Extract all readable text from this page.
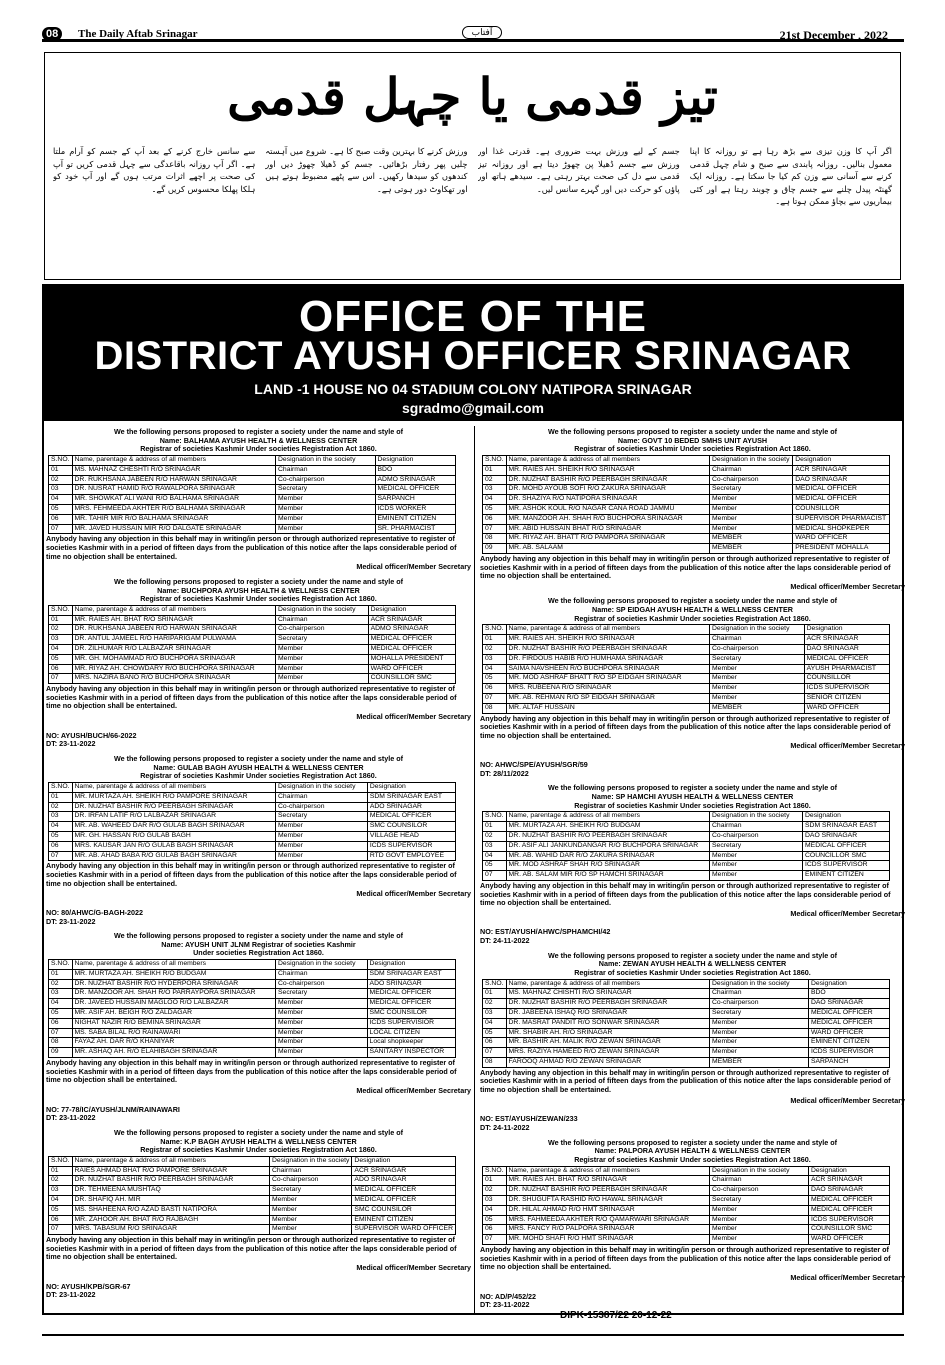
08	The Daily Aftab Srinagar	آفتاب	21st December , 2022
تیز قدمی یا چہل قدمی
اگر آپ کا وزن تیزی سے بڑھ رہا ہے تو روزانہ کا اپنا معمول بنالیں۔ روزانہ پابندی سے صبح و شام چہل قدمی کرنے سے آسانی سے وزن کم کیا جا سکتا ہے۔ روزانہ ایک گھنٹہ پیدل چلنے سے جسم چاق و چوبند رہتا ہے اور کئی بیماریوں سے بچاؤ ممکن ہوتا ہے۔
جسم کے لیے ورزش بہت ضروری ہے۔ قدرتی غذا اور ورزش سے جسم ڈھیلا پن چھوڑ دیتا ہے اور روزانہ تیز قدمی سے دل کی صحت بہتر رہتی ہے۔ سیدھے ہاتھ اور پاؤں کو حرکت دیں اور گہرے سانس لیں۔
ورزش کرنے کا بہترین وقت صبح کا ہے۔ شروع میں آہستہ چلیں پھر رفتار بڑھائیں۔ جسم کو ڈھیلا چھوڑ دیں اور کندھوں کو سیدھا رکھیں۔ اس سے پٹھے مضبوط ہوتے ہیں اور تھکاوٹ دور ہوتی ہے۔
سے سانس خارج کرنے کے بعد آپ کے جسم کو آرام ملتا ہے۔ اگر آپ روزانہ باقاعدگی سے چہل قدمی کریں تو آپ کی صحت پر اچھے اثرات مرتب ہوں گے اور آپ خود کو ہلکا پھلکا محسوس کریں گے۔
OFFICE OF THE
DISTRICT AYUSH OFFICER SRINAGAR
LAND -1 HOUSE NO 04 STADIUM COLONY NATIPORA SRINAGAR
sgradmo@gmail.com
We the following persons proposed to register a society under the name and style of
Name: BALHAMA AYUSH HEALTH & WELLNESS CENTER
Registrar of societies Kashmir Under societies Registration Act 1860.
S.NO.	Name, parentage & address of all members	Designation in the society	Designation
01	MS. MAHNAZ CHESHTI R/O SRINAGAR	Chairman	BDO
02	DR. RUKHSANA JABEEN R/O HARWAN SRINAGAR	Co-chairperson	ADMO SRINAGAR
03	DR. NUSRAT HAMID R/O RAWALPORA SRINAGAR	Secretary	MEDICAL OFFICER
04	MR. SHOWKAT ALI WANI R/O BALHAMA SRINAGAR	Member	SARPANCH
05	MRS. FEHMEEDA AKHTER R/O BALHAMA SRINAGAR	Member	ICDS WORKER
06	MR. TAHIR MIR R/O BALHAMA SRINAGAR	Member	EMINENT CITIZEN
07	MR. JAVED HUSSAIN MIR R/O DALGATE SRINAGAR	Member	SR. PHARMACIST
Anybody having any objection in this behalf may in writing/in person or through authorized representative to register of societies Kashmir with in a period of fifteen days from the publication of this notice after the laps considerable period of time no objection shall be entertained.
Medical officer/Member Secretary
We the following persons proposed to register a society under the name and style of
Name: BUCHPORA AYUSH HEALTH & WELLNESS CENTER
Registrar of societies Kashmir Under societies Registration Act 1860.
S.NO.	Name, parentage & address of all members	Designation in the society	Designation
01	MR. RAIES AH. BHAT R/O SRINAGAR	Chairman	ACR SRINAGAR
02	DR. RUKHSANA JABEEN R/O HARWAN SRINAGAR	Co-chairperson	ADMO SRINAGAR
03	DR. ANTUL JAMEEL R/O HARIPARIGAM PULWAMA	Secretary	MEDICAL OFFICER
04	DR. ZILHUMAR R/O LALBAZAR SRINAGAR	Member	MEDICAL OFFICER
05	MR. GH. MOHAMMAD R/O BUCHPORA SRINAGAR	Member	MOHALLA PRESIDENT
06	MR. RIYAZ AH. CHOWDARY R/O BUCHPORA SRINAGAR	Member	WARD OFFICER
07	MRS. NAZIRA BANO R/O BUCHPORA SRINAGAR	Member	COUNSILLOR SMC
Anybody having any objection in this behalf may in writing/in person or through authorized representative to register of societies Kashmir with in a period of fifteen days from the publication of this notice after the laps considerable period of time no objection shall be entertained.
Medical officer/Member Secretary
NO: AYUSH/BUCH/66-2022
DT: 23-11-2022
We the following persons proposed to register a society under the name and style of
Name: GULAB BAGH AYUSH HEALTH & WELLNESS CENTER
Registrar of societies Kashmir Under societies Registration Act 1860.
S.NO.	Name, parentage & address of all members	Designation in the society	Designation
01	MR. MURTAZA AH. SHEIKH R/O PAMPORE SRINAGAR	Chairman	SDM SRINAGAR EAST
02	DR. NUZHAT BASHIR R/O PEERBAGH SRINAGAR	Co-chairperson	ADO SRINAGAR
03	DR. IRFAN LATIF R/O LALBAZAR SRINAGAR	Secretary	MEDICAL OFFICER
04	MR. AB. WAHEED DAR R/O GULAB BAGH SRINAGAR	Member	SMC COUNSILOR
05	MR. GH. HASSAN R/O GULAB BAGH	Member	VILLAGE HEAD
06	MRS. KAUSAR JAN R/O GULAB BAGH SRINAGAR	Member	ICDS SUPERVISOR
07	MR. AB. AHAD BABA R/O GULAB BAGH SRINAGAR	Member	RTD GOVT EMPLOYEE
Anybody having any objection in this behalf may in writing/in person or through authorized representative to register of societies Kashmir with in a period of fifteen days from the publication of this notice after the laps considerable period of time no objection shall be entertained.
Medical officer/Member Secretary
NO: 80/AHWC/G-BAGH-2022
DT: 23-11-2022
We the following persons proposed to register a society under the name and style of
Name: AYUSH UNIT JLNM Registrar of societies Kashmir
Under societies Registration Act 1860.
S.NO.	Name, parentage & address of all members	Designation in the society	Designation
01	MR. MURTAZA AH. SHEIKH R/O BUDGAM	Chairman	SDM SRINAGAR EAST
02	DR. NUZHAT BASHIR R/O HYDERPORA SRINAGAR	Co-chairperson	ADO SRINAGAR
03	DR. MANZOOR AH. SHAH R/O PARRAYPORA SRINAGAR	Secretary	MEDICAL OFFICER
04	DR. JAVEED HUSSAIN MAGLOO R/O LALBAZAR	Member	MEDICAL OFFICER
05	MR. ASIF AH. BEIGH R/O ZALDAGAR	Member	SMC COUNSILOR
06	NIGHAT NAZIR R/O BEMINA SRINAGAR	Member	ICDS SUPERVISIOR
07	MS. SABA BILAL R/O RAINAWARI	Member	LOCAL CITIZEN
08	FAYAZ AH. DAR R/O KHANIYAR	Member	Local shopkeeper
09	MR. ASHAQ AH. R/O ELAHIBAGH SRINAGAR	Member	SANITARY INSPECTOR
Anybody having any objection in this behalf may in writing/in person or through authorized representative to register of societies Kashmir with in a period of fifteen days from the publication of this notice after the laps considerable period of time no objection shall be entertained.
Medical officer/Member Secretary
NO: 77-78/IC/AYUSH/JLNM/RAINAWARI
DT: 23-11-2022
We the following persons proposed to register a society under the name and style of
Name: K.P BAGH AYUSH HEALTH & WELLNESS CENTER
Registrar of societies Kashmir Under societies Registration Act 1860.
S.NO.	Name, parentage & address of all members	Designation in the society	Designation
01	RAIES AHMAD BHAT R/O PAMPORE SRINAGAR	Chairman	ACR SRINAGAR
02	DR. NUZHAT BASHIR R/O PEERBAGH SRINAGAR	Co-chairperson	ADO SRINAGAR
03	DR. TEHMEENA MUSHTAQ	Secretary	MEDICAL OFFICER
04	DR. SHAFIQ AH. MIR	Member	MEDICAL OFFICER
05	MS. SHAHEENA R/O AZAD BASTI NATIPORA	Member	SMC COUNSILOR
06	MR. ZAHOOR AH. BHAT R/O RAJBAGH	Member	EMINENT CITIZEN
07	MRS. TABASUM R/O SRINAGAR	Member	SUPERVISOR WARD OFFICER
Anybody having any objection in this behalf may in writing/in person or through authorized representative to register of societies Kashmir with in a period of fifteen days from the publication of this notice after the laps considerable period of time no objection shall be entertained.
Medical officer/Member Secretary
NO: AYUSH/KPB/SGR-67
DT: 23-11-2022
We the following persons proposed to register a society under the name and style of
Name: GOVT 10 BEDED SMHS UNIT AYUSH
Registrar of societies Kashmir Under societies Registration Act 1860.
S.NO.	Name, parentage & address of all members	Designation in the society	Designation
01	MR. RAIES AH. SHEIKH R/O SRINAGAR	Chairman	ACR SRINAGAR
02	DR. NUZHAT BASHIR R/O PEERBAGH SRINAGAR	Co-chairperson	DAO SRINAGAR
03	DR. MOHD AYOUB SOFI R/O ZAKURA SRINAGAR	Secretary	MEDICAL OFFICER
04	DR. SHAZIYA R/O NATIPORA SRINAGAR	Member	MEDICAL OFFICER
05	MR. ASHOK KOUL R/O NAGAR CANA ROAD JAMMU	Member	COUNSILLOR
06	MR. MANZOOR AH. SHAH R/O BUCHPORA SRINAGAR	Member	SUPERVISOR PHARMACIST
07	MR. ABID HUSSAIN BHAT R/O SRINAGAR	Member	MEDICAL SHOPKEPER
08	MR. RIYAZ AH. BHATT R/O PAMPORA SRINAGAR	MEMBER	WARD OFFICER
09	MR. AB. SALAAM	MEMBER	PRESIDENT MOHALLA
Anybody having any objection in this behalf may in writing/in person or through authorized representative to register of societies Kashmir with in a period of fifteen days from the publication of this notice after the laps considerable period of time no objection shall be entertained.
Medical officer/Member Secretary
We the following persons proposed to register a society under the name and style of
Name: SP EIDGAH AYUSH HEALTH & WELLNESS CENTER
Registrar of societies Kashmir Under societies Registration Act 1860.
S.NO.	Name, parentage & address of all members	Designation in the society	Designation
01	MR. RAIES AH. SHEIKH R/O SRINAGAR	Chairman	ACR SRINAGAR
02	DR. NUZHAT BASHIR R/O PEERBAGH SRINAGAR	Co-chairperson	DAO SRINAGAR
03	DR. FIRDOUS HABIB R/O HUMHAMA SRINAGAR	Secretary	MEDICAL OFFICER
04	SAIMA NAVSHEEN R/O BUCHPORA SRINAGAR	Member	AYUSH PHARMACIST
05	MR. MOD ASHRAF BHATT R/O SP EIDGAH SRINAGAR	Member	COUNSILLOR
06	MRS. RUBEENA R/O SRINAGAR	Member	ICDS SUPERVISOR
07	MR. AB. REHMAN R/O SP EIDGAH SRINAGAR	Member	SENIOR CITIZEN
08	MR. ALTAF HUSSAIN	MEMBER	WARD OFFICER
Anybody having any objection in this behalf may in writing/in person or through authorized representative to register of societies Kashmir with in a period of fifteen days from the publication of this notice after the laps considerable period of time no objection shall be entertained.
Medical officer/Member Secretary
NO: AHWC/SPE/AYUSH/SGR/59
DT: 28/11/2022
We the following persons proposed to register a society under the name and style of
Name: SP HAMCHI AYUSH HEALTH & WELLNESS CENTER
Registrar of societies Kashmir Under societies Registration Act 1860.
S.NO.	Name, parentage & address of all members	Designation in the society	Designation
01	MR. MURTAZA AH. SHEIKH R/O BUDGAM	Chairman	SDM SRINAGAR EAST
02	DR. NUZHAT BASHIR R/O PEERBAGH SRINAGAR	Co-chairperson	DAO SRINAGAR
03	DR. ASIF ALI JANKUNDANGAR R/O BUCHPORA SRINAGAR	Secretary	MEDICAL OFFICER
04	MR. AB. WAHID DAR R/O ZAKURA SRINAGAR	Member	COUNCILLOR SMC
05	MR. MOD ASHRAF SHAH R/O SRINAGAR	Member	ICDS SUPERVISOR
07	MR. AB. SALAM MIR R/O SP HAMCHI SRINAGAR	Member	EMINENT CITIZEN
Anybody having any objection in this behalf may in writing/in person or through authorized representative to register of societies Kashmir with in a period of fifteen days from the publication of this notice after the laps considerable period of time no objection shall be entertained.
Medical officer/Member Secretary
NO: EST/AYUSH/AHWC/SPHAMCHI/42
DT: 24-11-2022
We the following persons proposed to register a society under the name and style of
Name: ZEWAN AYUSH HEALTH & WELLNESS CENTER
Registrar of societies Kashmir Under societies Registration Act 1860.
S.NO.	Name, parentage & address of all members	Designation in the society	Designation
01	MS. MAHNAZ CHISHTI R/O SRINAGAR	Chairman	BDO
02	DR. NUZHAT BASHIR R/O PEERBAGH SRINAGAR	Co-chairperson	DAO SRINAGAR
03	DR. JABEENA ISHAQ R/O SRINAGAR	Secretary	MEDICAL OFFICER
04	DR. MASRAT PANDIT R/O SONWAR SRINAGAR	Member	MEDICAL OFFICER
05	MR. SHABIR AH. R/O SRINAGAR	Member	WARD OFFICER
06	MR. BASHIR AH. MALIK R/O ZEWAN SRINAGAR	Member	EMINENT CITIZEN
07	MRS. RAZIYA HAMEED R/O ZEWAN SRINAGAR	Member	ICDS SUPERVISOR
08	FAROOQ AHMAD R/O ZEWAN SRINAGAR	MEMBER	SARPANCH
Anybody having any objection in this behalf may in writing/in person or through authorized representative to register of societies Kashmir with in a period of fifteen days from the publication of this notice after the laps considerable period of time no objection shall be entertained.
Medical officer/Member Secretary
NO: EST/AYUSH/ZEWAN/233
DT: 24-11-2022
We the following persons proposed to register a society under the name and style of
Name: PALPORA AYUSH HEALTH & WELLNESS CENTER
Registrar of societies Kashmir Under societies Registration Act 1860.
S.NO.	Name, parentage & address of all members	Designation in the society	Designation
01	MR. RAIES AH. BHAT R/O SRINAGAR	Chairman	ACR SRINAGAR
02	DR. NUZHAT BASHIR R/O PEERBAGH SRINAGAR	Co-chairperson	DAO SRINAGAR
03	DR. SHUGUFTA RASHID R/O HAWAL SRINAGAR	Secretary	MEDICAL OFFICER
04	DR. HILAL AHMAD R/O HMT SRINAGAR	Member	MEDICAL OFFICER
05	MRS. FAHMEEDA AKHTER R/O QAMARWARI SRINAGAR	Member	ICDS SUPERVISOR
06	MRS. FANCY R/O PALPORA SRINAGAR	Member	COUNSILLOR SMC
07	MR. MOHD SHAFI R/O HMT SRINAGAR	Member	WARD OFFICER
Anybody having any objection in this behalf may in writing/in person or through authorized representative to register of societies Kashmir with in a period of fifteen days from the publication of this notice after the laps considerable period of time no objection shall be entertained.
Medical officer/Member Secretary
NO: AD/P/452/22
DT: 23-11-2022
DIPK-15387/22 20-12-22
